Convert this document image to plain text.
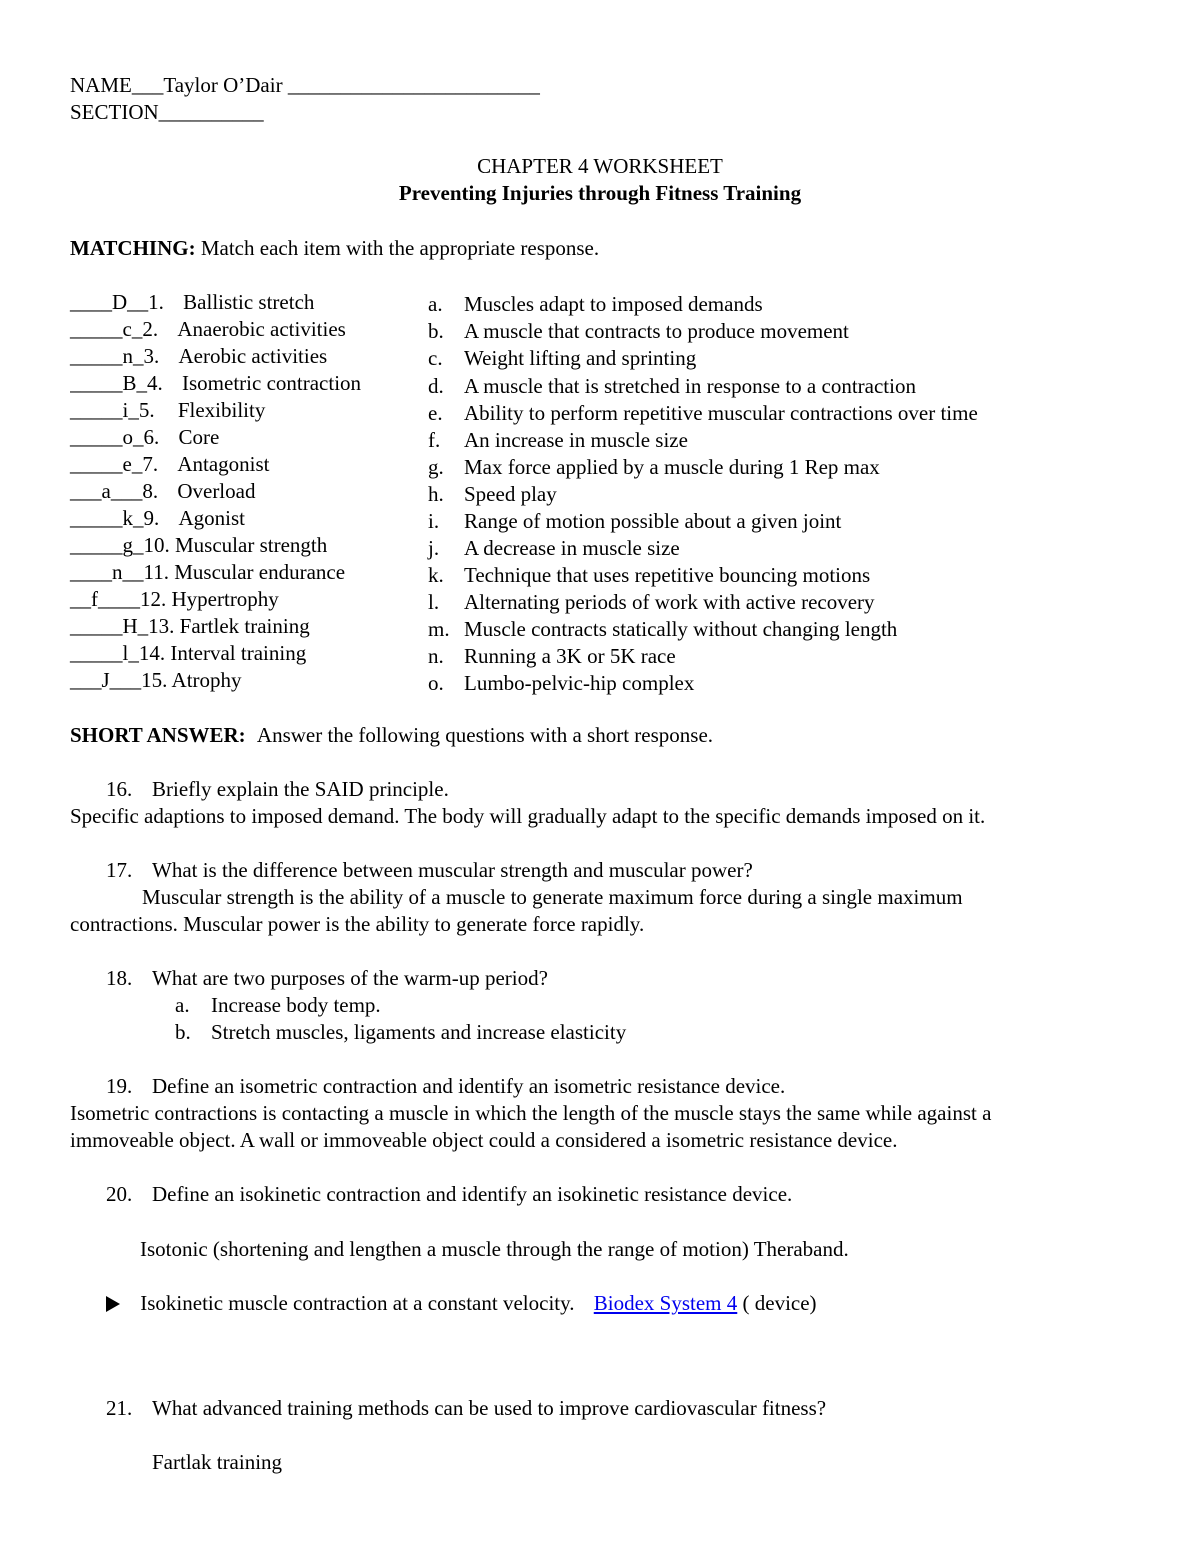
NAME___Taylor O’Dair ________________________
SECTION__________
CHAPTER 4 WORKSHEET
Preventing Injuries through Fitness Training
MATCHING: Match each item with the appropriate response.
____D__1. Ballistic stretch
_____c_2. Anaerobic activities
_____n_3. Aerobic activities
_____B_4. Isometric contraction
_____i_5. Flexibility
_____o_6. Core
_____e_7. Antagonist
___a___8. Overload
_____k_9. Agonist
_____g_10. Muscular strength
____n__11. Muscular endurance
__f____12. Hypertrophy
_____H_13. Fartlek training
_____l_14. Interval training
___J___15. Atrophy
a. Muscles adapt to imposed demands
b. A muscle that contracts to produce movement
c. Weight lifting and sprinting
d. A muscle that is stretched in response to a contraction
e. Ability to perform repetitive muscular contractions over time
f. An increase in muscle size
g. Max force applied by a muscle during 1 Rep max
h. Speed play
i. Range of motion possible about a given joint
j. A decrease in muscle size
k. Technique that uses repetitive bouncing motions
l. Alternating periods of work with active recovery
m. Muscle contracts statically without changing length
n. Running a 3K or 5K race
o. Lumbo-pelvic-hip complex
SHORT ANSWER: Answer the following questions with a short response.
16. Briefly explain the SAID principle.
Specific adaptions to imposed demand. The body will gradually adapt to the specific demands imposed on it.
17. What is the difference between muscular strength and muscular power?
Muscular strength is the ability of a muscle to generate maximum force during a single maximum
contractions. Muscular power is the ability to generate force rapidly.
18. What are two purposes of the warm-up period?
a. Increase body temp.
b. Stretch muscles, ligaments and increase elasticity
19. Define an isometric contraction and identify an isometric resistance device.
Isometric contractions is contacting a muscle in which the length of the muscle stays the same while against a
immoveable object. A wall or immoveable object could a considered a isometric resistance device.
20. Define an isokinetic contraction and identify an isokinetic resistance device.
Isotonic (shortening and lengthen a muscle through the range of motion) Theraband.
Isokinetic muscle contraction at a constant velocity. Biodex System 4 ( device)
21. What advanced training methods can be used to improve cardiovascular fitness?
Fartlak training
